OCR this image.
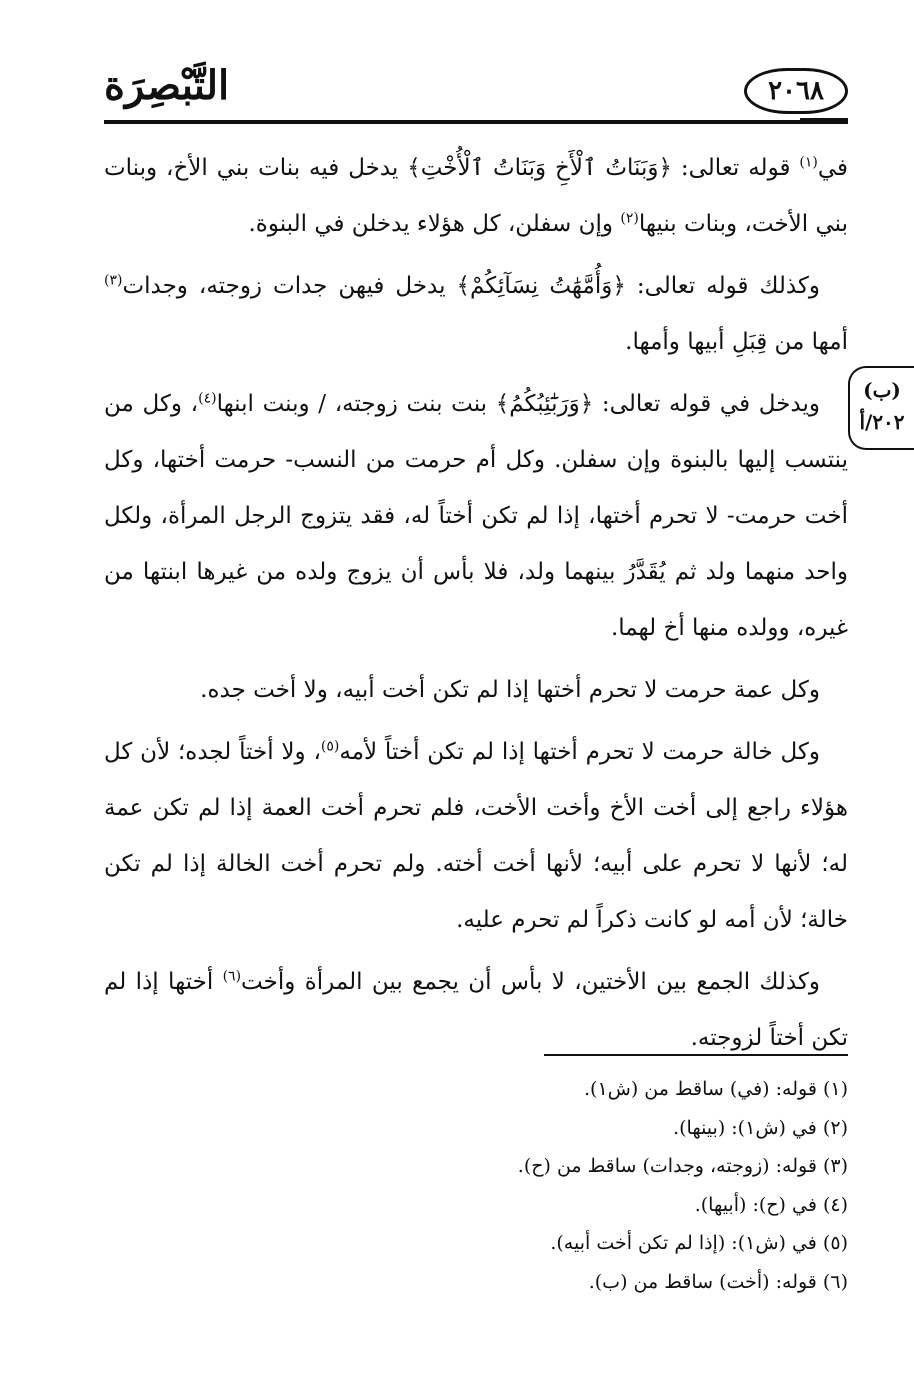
التَّبْصِرَة	٢٠٦٨
(ب)
٢٠٢/أ

في$^{(١)}$ قوله تعالى: ﴿وَبَنَاتُ ٱلْأَخِ وَبَنَاتُ ٱلْأُخْتِ﴾ يدخل فيه بنات بني الأخ، وبنات بني الأخت، وبنات بنيها$^{(٢)}$ وإن سفلن، كل هؤلاء يدخلن في البنوة.

وكذلك قوله تعالى: ﴿وَأُمَّهَٰتُ نِسَآئِكُمْ﴾ يدخل فيهن جدات زوجته، وجدات$^{(٣)}$ أمها من قِبَلِ أبيها وأمها.

ويدخل في قوله تعالى: ﴿وَرَبَٰٓئِبُكُمُ﴾ بنت بنت زوجته، / وبنت ابنها$^{(٤)}$، وكل من ينتسب إليها بالبنوة وإن سفلن. وكل أم حرمت من النسب- حرمت أختها، وكل أخت حرمت- لا تحرم أختها، إذا لم تكن أختاً له، فقد يتزوج الرجل المرأة، ولكل واحد منهما ولد ثم يُقَدَّرُ بينهما ولد، فلا بأس أن يزوج ولده من غيرها ابنتها من غيره، وولده منها أخ لهما.

وكل عمة حرمت لا تحرم أختها إذا لم تكن أخت أبيه، ولا أخت جده.

وكل خالة حرمت لا تحرم أختها إذا لم تكن أختاً لأمه$^{(٥)}$، ولا أختاً لجده؛ لأن كل هؤلاء راجع إلى أخت الأخ وأخت الأخت، فلم تحرم أخت العمة إذا لم تكن عمة له؛ لأنها لا تحرم على أبيه؛ لأنها أخت أخته. ولم تحرم أخت الخالة إذا لم تكن خالة؛ لأن أمه لو كانت ذكراً لم تحرم عليه.

وكذلك الجمع بين الأختين، لا بأس أن يجمع بين المرأة وأخت$^{(٦)}$ أختها إذا لم تكن أختاً لزوجته.

(١) قوله: (في) ساقط من (ش١).

(٢) في (ش١): (بينها).

(٣) قوله: (زوجته، وجدات) ساقط من (ح).

(٤) في (ح): (أبيها).

(٥) في (ش١): (إذا لم تكن أخت أبيه).

(٦) قوله: (أخت) ساقط من (ب).
